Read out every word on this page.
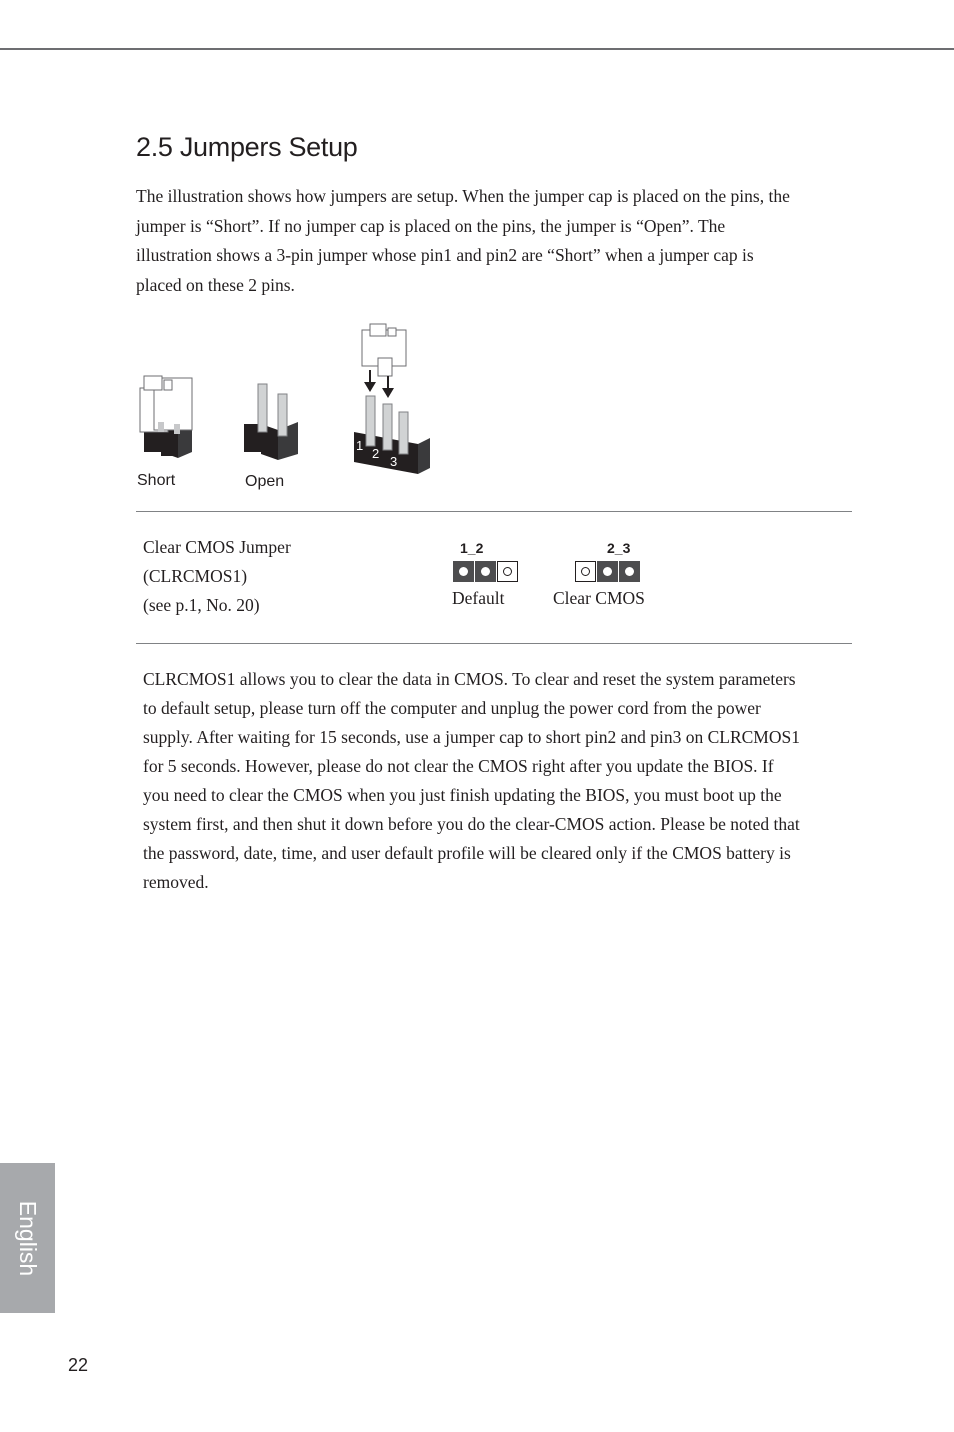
2.5 Jumpers Setup

The illustration shows how jumpers are setup. When the jumper cap is placed on the pins, the jumper is “Short”. If no jumper cap is placed on the pins, the jumper is “Open”. The illustration shows a 3-pin jumper whose pin1 and pin2 are “Short” when a jumper cap is placed on these 2 pins.

1
2
3
Short	Open
Clear CMOS Jumper
(CLRCMOS1)
(see p.1, No. 20)
1_2
Default
2_3
Clear CMOS

CLRCMOS1 allows you to clear the data in CMOS. To clear and reset the system parameters to default setup, please turn off the computer and unplug the power cord from the power supply. After waiting for 15 seconds, use a jumper cap to short pin2 and pin3 on CLRCMOS1 for 5 seconds. However, please do not clear the CMOS right after you update the BIOS. If you need to clear the CMOS when you just finish updating the BIOS, you must boot up the system first, and then shut it down before you do the clear-CMOS action. Please be noted that the password, date, time, and user default profile will be cleared only if the CMOS battery is removed.

English
22
